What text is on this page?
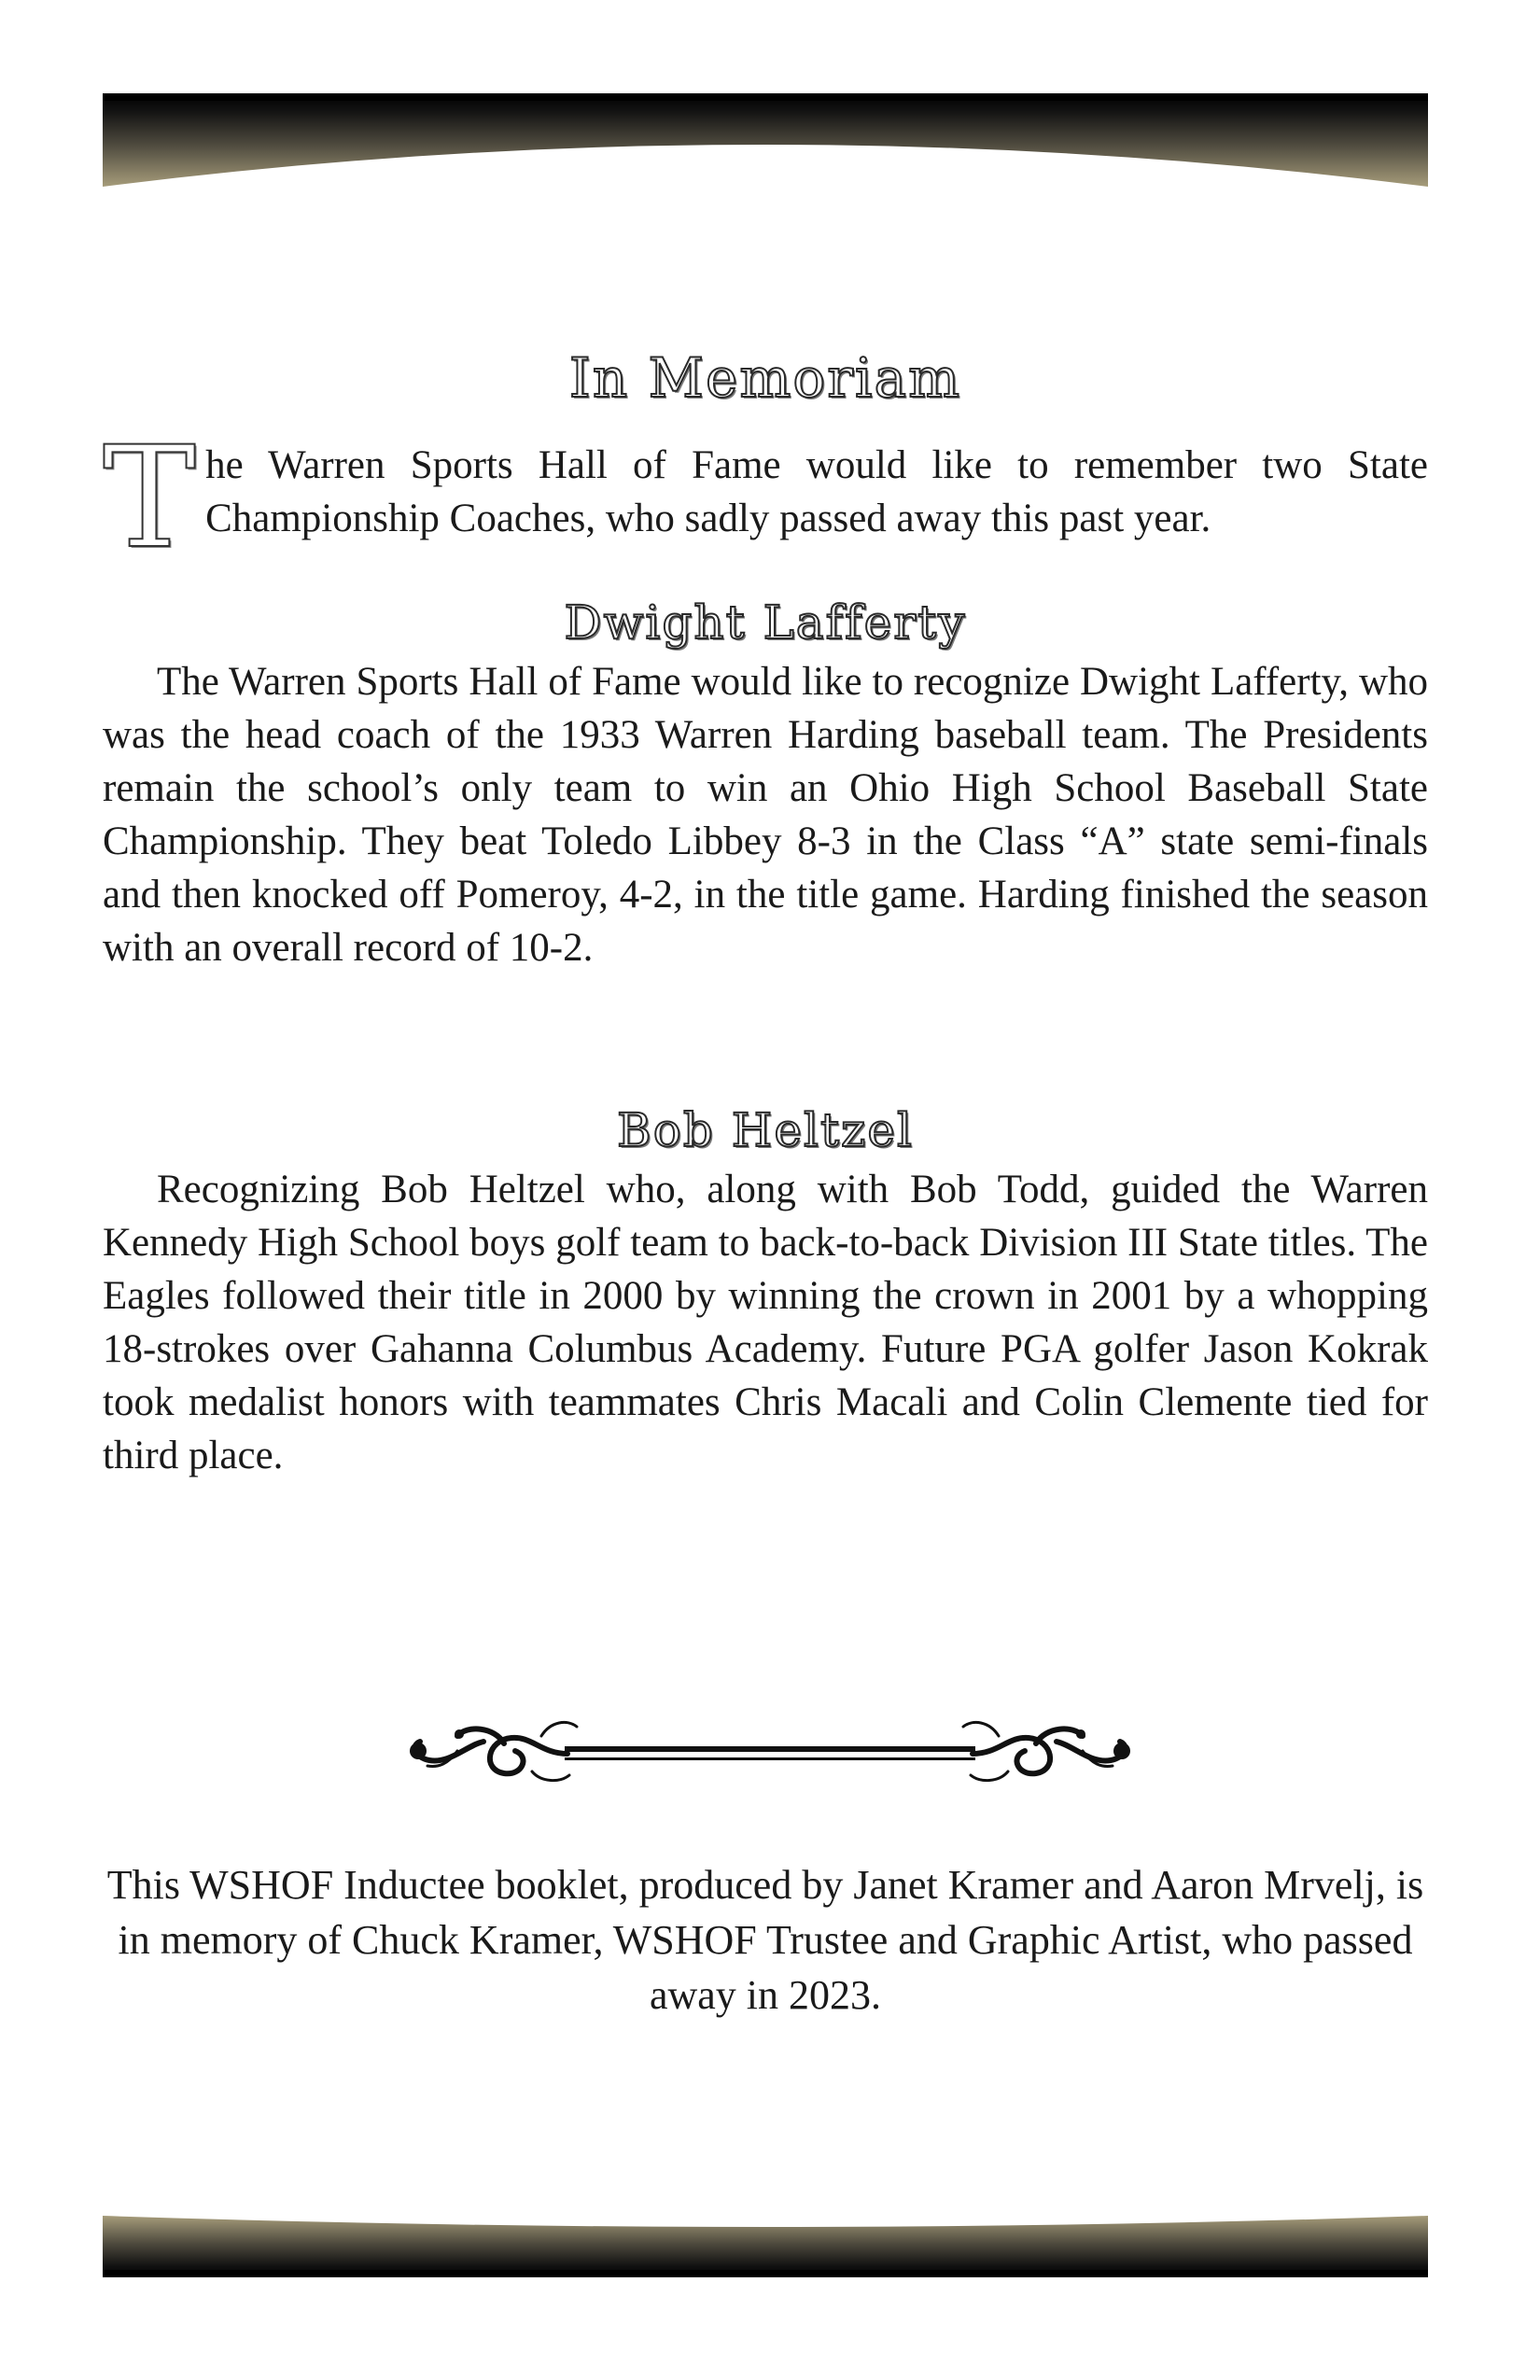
In Memoriam

The Warren Sports Hall of Fame would like to remember two State Championship Coaches, who sadly passed away this past year.

Dwight Lafferty

The Warren Sports Hall of Fame would like to recognize Dwight Lafferty, who was the head coach of the 1933 Warren Harding baseball team. The Presidents remain the school’s only team to win an Ohio High School Baseball State Championship. They beat Toledo Libbey 8-3 in the Class “A” state semi-finals and then knocked off Pomeroy, 4-2, in the title game. Harding finished the season with an overall record of 10-2.

Bob Heltzel

Recognizing Bob Heltzel who, along with Bob Todd, guided the Warren Kennedy High School boys golf team to back-to-back Division III State titles. The Eagles followed their title in 2000 by winning the crown in 2001 by a whopping 18-strokes over Gahanna Columbus Academy. Future PGA golfer Jason Kokrak took medalist honors with teammates Chris Macali and Colin Clemente tied for third place.

This WSHOF Inductee booklet, produced by Janet Kramer and Aaron Mrvelj, is in memory of Chuck Kramer, WSHOF Trustee and Graphic Artist, who passed away in 2023.
